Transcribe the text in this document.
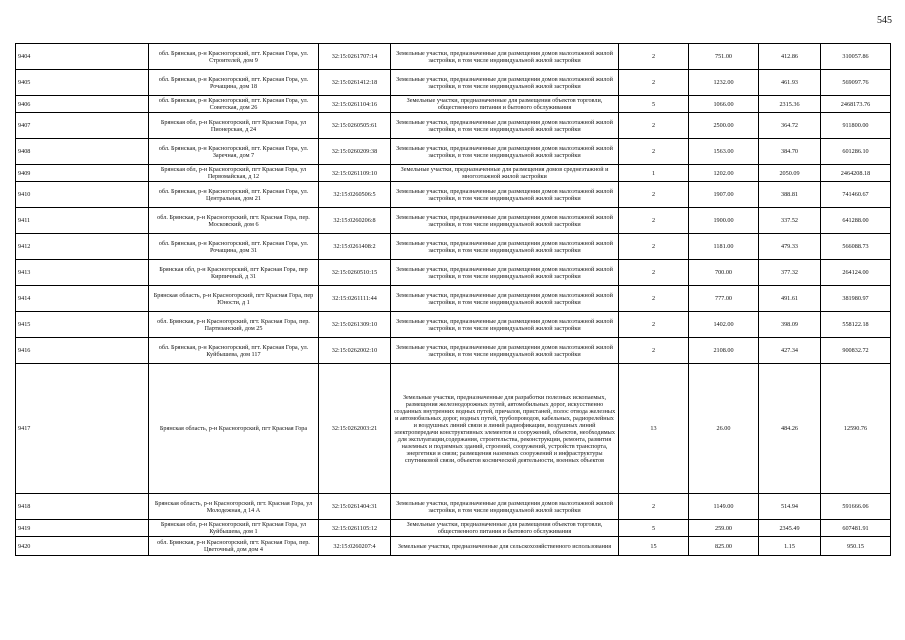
545
9404	обл. Брянская, р-н Красногорский, пгт. Красная Гора, ул. Строителей, дом 9	32:15:0261707:14	Земельные участки, предназначенные для размещения домов малоэтажной жилой застройки, в том числе индивидуальной жилой застройки	2	751.00	412.86	310057.86
9405	обл. Брянская, р-н Красногорский, пгт. Красная Гора, ул. Рочащина, дом 18	32:15:0261412:18	Земельные участки, предназначенные для размещения домов малоэтажной жилой застройки, в том числе индивидуальной жилой застройки	2	1232.00	461.93	569097.76
9406	обл. Брянская, р-н Красногорский, пгт. Красная Гора, ул. Советская, дом 26	32:15:0261104:16	Земельные участки, предназначенные для размещения объектов торговли, общественного питания и бытового обслуживания	5	1066.00	2315.36	2468173.76
9407	Брянская обл, р-н Красногорский, пгт Красная Гора, ул Пионерская, д 24	32:15:0260505:61	Земельные участки, предназначенные для размещения домов малоэтажной жилой застройки, в том числе индивидуальной жилой застройки	2	2500.00	364.72	911800.00
9408	обл. Брянская, р-н Красногорский, пгт. Красная Гора, ул. Заречная, дом 7	32:15:0260209:38	Земельные участки, предназначенные для размещения домов малоэтажной жилой застройки, в том числе индивидуальной жилой застройки	2	1563.00	384.70	601286.10
9409	Брянская обл, р-н Красногорский, пгт Красная Гора, ул Первомайская, д 12	32:15:0261109:10	Земельные участки, предназначенные для размещения домов среднеэтажной и многоэтажной жилой застройки	1	1202.00	2050.09	2464208.18
9410	обл. Брянская, р-н Красногорский, пгт. Красная Гора, ул. Центральная, дом 21	32:15:0260506:5	Земельные участки, предназначенные для размещения домов малоэтажной жилой застройки, в том числе индивидуальной жилой застройки	2	1907.00	388.81	741460.67
9411	обл. Брянская, р-н Красногорский, пгт. Красная Гора, пер. Московский, дом 6	32:15:0260206:8	Земельные участки, предназначенные для размещения домов малоэтажной жилой застройки, в том числе индивидуальной жилой застройки	2	1900.00	337.52	641288.00
9412	обл. Брянская, р-н Красногорский, пгт. Красная Гора, ул. Рочащина, дом 31	32:15:0261408:2	Земельные участки, предназначенные для размещения домов малоэтажной жилой застройки, в том числе индивидуальной жилой застройки	2	1181.00	479.33	566088.73
9413	Брянская обл, р-н Красногорский, пгт Красная Гора, пер Кирпичный, д 31	32:15:0260510:15	Земельные участки, предназначенные для размещения домов малоэтажной жилой застройки, в том числе индивидуальной жилой застройки	2	700.00	377.32	264124.00
9414	Брянская область, р-н Красногорский, пгт Красная Гора, пер Юности, д 1	32:15:0261111:44	Земельные участки, предназначенные для размещения домов малоэтажной жилой застройки, в том числе индивидуальной жилой застройки	2	777.00	491.61	381980.97
9415	обл. Брянская, р-н Красногорский, пгт. Красная Гора, пер. Партизанский, дом 25	32:15:0261309:10	Земельные участки, предназначенные для размещения домов малоэтажной жилой застройки, в том числе индивидуальной жилой застройки	2	1402.00	398.09	558122.18
9416	обл. Брянская, р-н Красногорский, пгт. Красная Гора, ул. Куйбышева, дом 117	32:15:0262002:10	Земельные участки, предназначенные для размещения домов малоэтажной жилой застройки, в том числе индивидуальной жилой застройки	2	2108.00	427.34	900832.72
9417	Брянская область, р-н Красногорский, пгт Красная Гора	32:15:0262003:21	Земельные участки, предназначенные для разработки полезных ископаемых, размещения железнодорожных путей, автомобильных дорог, искусственно созданных внутренних водных путей, причалов, пристаней, полос отвода железных и автомобильных дорог, водных путей, трубопроводов, кабельных, радиорелейных и воздушных линий связи и линий радиофикации, воздушных линий электропередачи конструктивных элементов и сооружений, объектов, необходимых для эксплуатации,содержания, строительства, реконструкции, ремонта, развития наземных и подземных зданий, строений, сооружений, устройств транспорта, энергетики и связи; размещения наземных сооружений и инфраструктуры спутниковой связи, объектов космической деятельности, военных объектов	13	26.00	484.26	12590.76
9418	Брянская область, р-н Красногорский, пгт. Красная Гора, ул Молодежная, д 14 А	32:15:0261404:31	Земельные участки, предназначенные для размещения домов малоэтажной жилой застройки, в том числе индивидуальной жилой застройки	2	1149.00	514.94	591666.06
9419	Брянская обл, р-н Красногорский, пгт Красная Гора, ул Куйбышева, дом 1	32:15:0261105:12	Земельные участки, предназначенные для размещения объектов торговли, общественного питания и бытового обслуживания	5	259.00	2345.49	607481.91
9420	обл. Брянская, р-н Красногорский, пгт. Красная Гора, пер. Цветочный, дом дом 4	32:15:0260207:4	Земельные участки, предназначенные для сельскохозяйственного использования	15	825.00	1.15	950.15
